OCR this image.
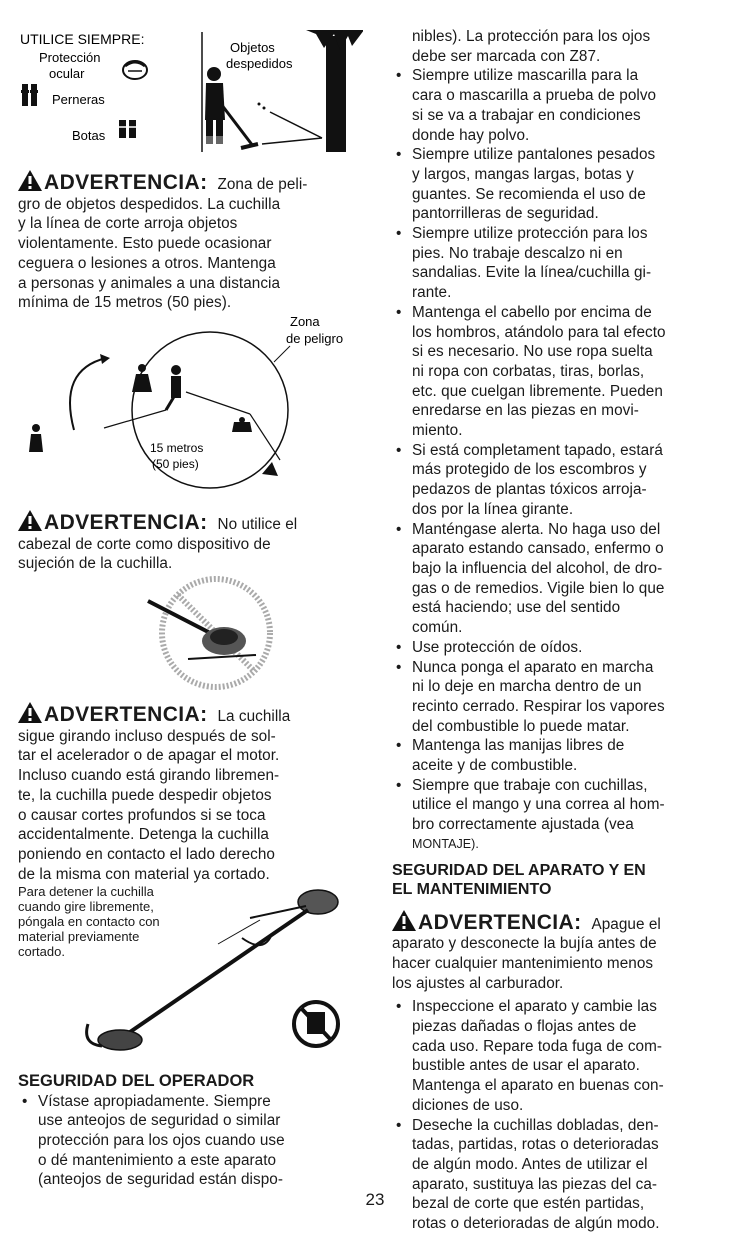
UTILICE SIEMPRE:
Protección
ocular
Perneras
Botas
Objetos
despedidos
ADVERTENCIA: Zona de peli-
gro de objetos despedidos. La cuchilla
y la línea de corte arroja objetos
violentamente. Esto puede ocasionar
ceguera o lesiones a otros. Mantenga
a personas y animales a una distancia
mínima de 15 metros (50 pies).
Zona
de peligro
15 metros
(50 pies)
ADVERTENCIA: No utilice el
cabezal de corte como dispositivo de
sujeción de la cuchilla.
ADVERTENCIA: La cuchilla
sigue girando incluso después de sol-
tar el acelerador o de apagar el motor.
Incluso cuando está girando libremen-
te, la cuchilla puede despedir objetos
o causar cortes profundos si se toca
accidentalmente. Detenga la cuchilla
poniendo en contacto el lado derecho
de la misma con material ya cortado.
Para detener la cuchilla
cuando gire libremente,
póngala en contacto con
material previamente
cortado.
SEGURIDAD DEL OPERADOR
• Vístase apropiadamente. Siempre
use anteojos de seguridad o similar
protección para los ojos cuando use
o dé mantenimiento a este aparato
(anteojos de seguridad están dispo-
nibles). La protección para los ojos
debe ser marcada con Z87.
• Siempre utilize mascarilla para la
cara o mascarilla a prueba de polvo
si se va a trabajar en condiciones
donde hay polvo.
• Siempre utilize pantalones pesados
y largos, mangas largas, botas y
guantes. Se recomienda el uso de
pantorrilleras de seguridad.
• Siempre utilize protección para los
pies. No trabaje descalzo ni en
sandalias. Evite la línea/cuchilla gi-
rante.
• Mantenga el cabello por encima de
los hombros, atándolo para tal efecto
si es necesario. No use ropa suelta
ni ropa con corbatas, tiras, borlas,
etc. que cuelgan libremente. Pueden
enredarse en las piezas en movi-
miento.
• Si está completament tapado, estará
más protegido de los escombros y
pedazos de plantas tóxicos arroja-
dos por la línea girante.
• Manténgase alerta. No haga uso del
aparato estando cansado, enfermo o
bajo la influencia del alcohol, de dro-
gas o de remedios. Vigile bien lo que
está haciendo; use del sentido
común.
• Use protección de oídos.
• Nunca ponga el aparato en marcha
ni lo deje en marcha dentro de un
recinto cerrado. Respirar los vapores
del combustible lo puede matar.
• Mantenga las manijas libres de
aceite y de combustible.
• Siempre que trabaje con cuchillas,
utilice el mango y una correa al hom-
bro correctamente ajustada (vea
MONTAJE).
SEGURIDAD DEL APARATO Y EN
EL MANTENIMIENTO
ADVERTENCIA: Apague el
aparato y desconecte la bujía antes de
hacer cualquier mantenimiento menos
los ajustes al carburador.
• Inspeccione el aparato y cambie las
piezas dañadas o flojas antes de
cada uso. Repare toda fuga de com-
bustible antes de usar el aparato.
Mantenga el aparato en buenas con-
diciones de uso.
• Deseche la cuchillas dobladas, den-
tadas, partidas, rotas o deterioradas
de algún modo. Antes de utilizar el
aparato, sustituya las piezas del ca-
bezal de corte que estén partidas,
rotas o deterioradas de algún modo.
23
